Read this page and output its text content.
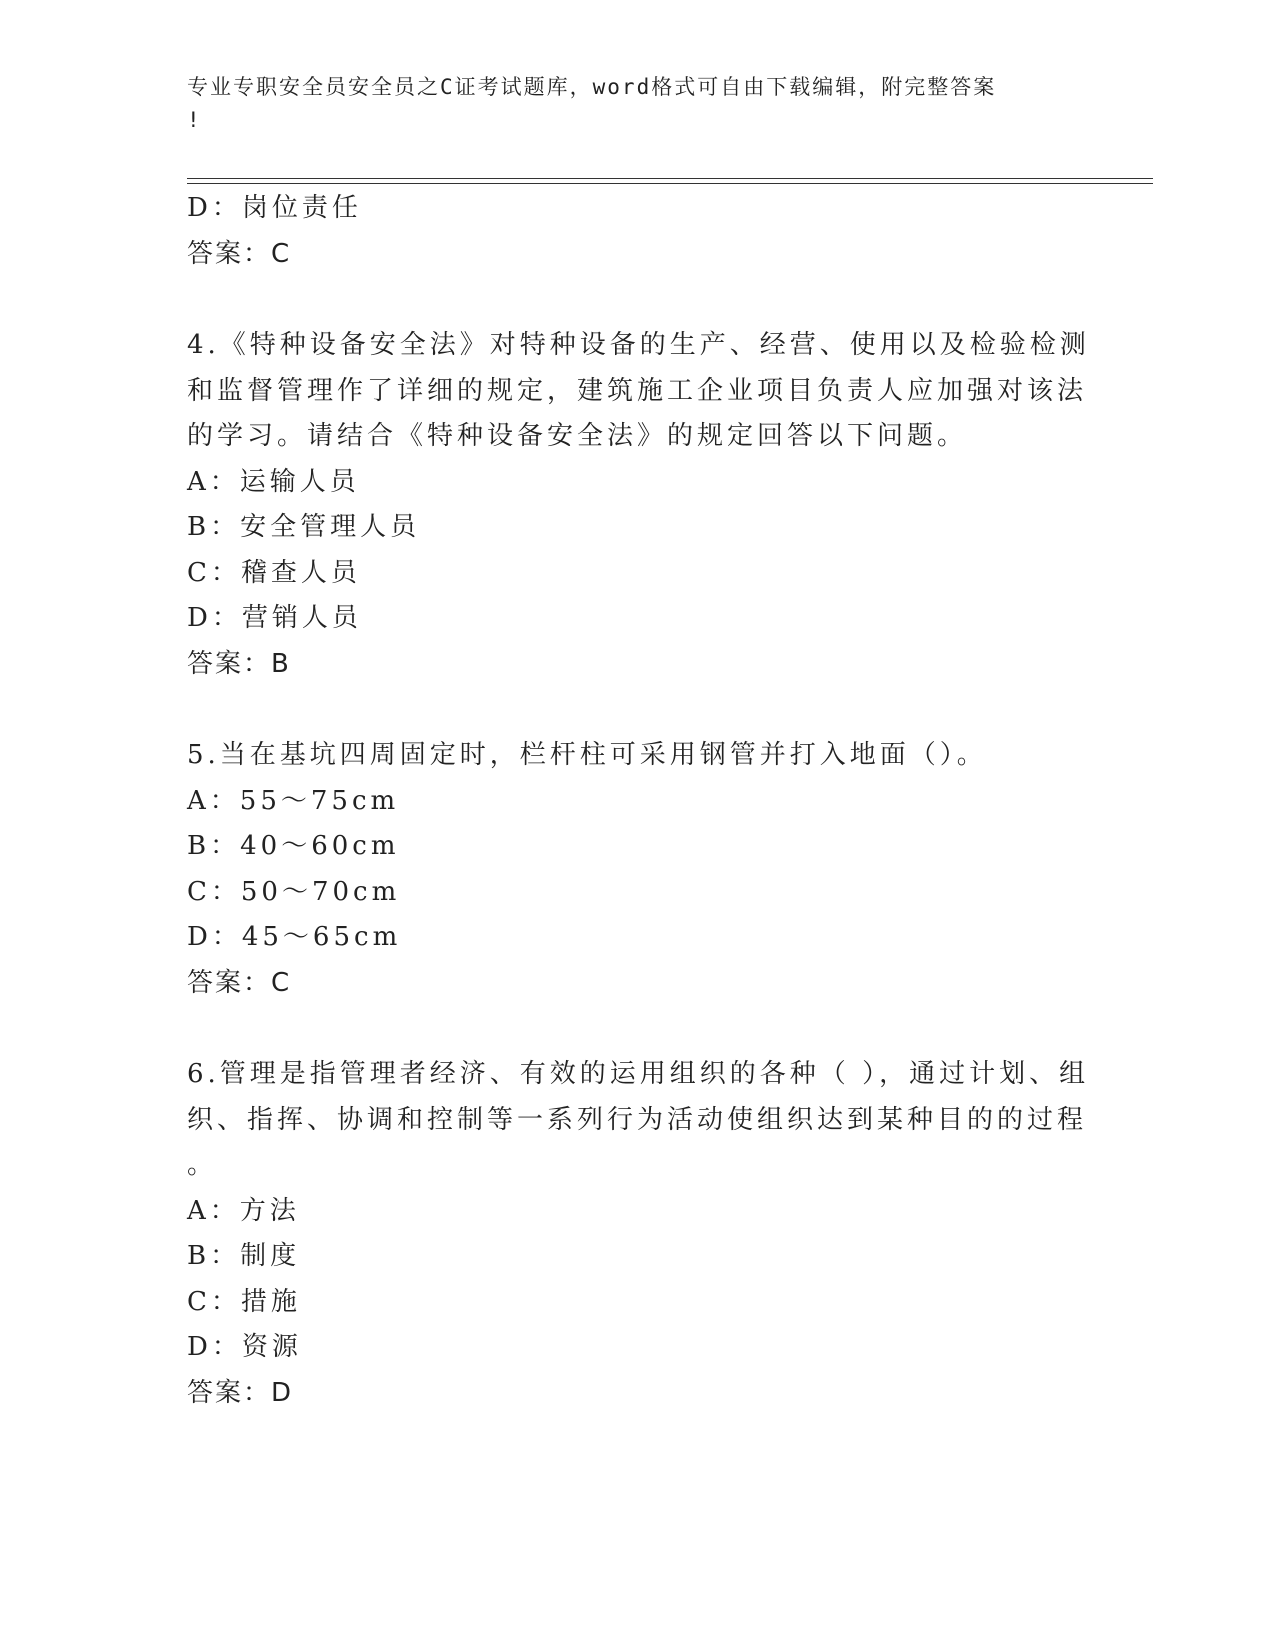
专业专职安全员安全员之C证考试题库，word格式可自由下载编辑，附完整答案
!
D：岗位责任
答案：C
4.《特种设备安全法》对特种设备的生产、经营、使用以及检验检测
和监督管理作了详细的规定，建筑施工企业项目负责人应加强对该法
的学习。请结合《特种设备安全法》的规定回答以下问题。
A：运输人员
B：安全管理人员
C：稽查人员
D：营销人员
答案：B
5.当在基坑四周固定时，栏杆柱可采用钢管并打入地面（）。
A：55～75cm
B：40～60cm
C：50～70cm
D：45～65cm
答案：C
6.管理是指管理者经济、有效的运用组织的各种（ ），通过计划、组
织、指挥、协调和控制等一系列行为活动使组织达到某种目的的过程
。
A：方法
B：制度
C：措施
D：资源
答案：D
